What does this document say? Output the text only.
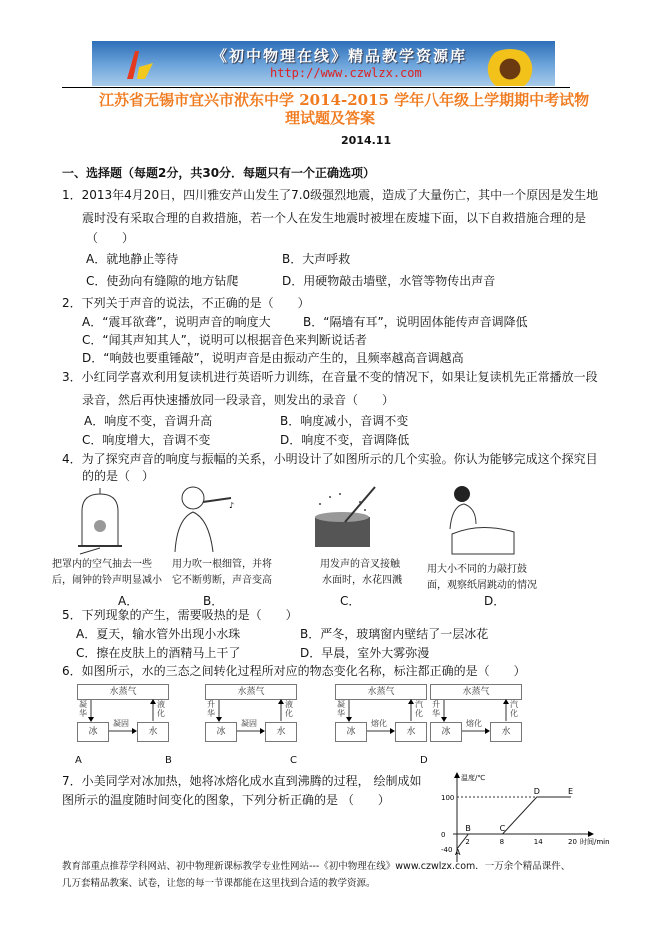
《初中物理在线》精品教学资源库
http://www.czwlzx.com
江苏省无锡市宜兴市洑东中学 2014-2015 学年八年级上学期期中考试物
理试题及答案
2014.11
一、选择题（每题2分，共30分．每题只有一个正确选项）
1．2013年4月20日，四川雅安芦山发生了7.0级强烈地震，造成了大量伤亡，其中一个原因是发生地
震时没有采取合理的自救措施，若一个人在发生地震时被埋在废墟下面，以下自救措施合理的是
（　　）
A．就地静止等待	B．大声呼救
C．使劲向有缝隙的地方钻爬	D．用硬物敲击墙壁，水管等物传出声音
2．下列关于声音的说法，不正确的是（　　）
A．“震耳欲聋”，说明声音的响度大	B．“隔墙有耳”，说明固体能传声音调降低
C．“闻其声知其人”，说明可以根据音色来判断说话者
D．“响鼓也要重锤敲”，说明声音是由振动产生的，且频率越高音调越高
3．小红同学喜欢利用复读机进行英语听力训练，在音量不变的情况下，如果让复读机先正常播放一段
录音，然后再快速播放同一段录音，则发出的录音（　　）
A．响度不变，音调升高	B．响度减小，音调不变
C．响度增大，音调不变	D．响度不变，音调降低
4．为了探究声音的响度与振幅的关系，小明设计了如图所示的几个实验。你认为能够完成这个探究目
的的是（　）
♪
把罩内的空气抽去一些
后，闹钟的铃声明显减小
用力吹一根细管，并将
它不断剪断，声音变高
用发声的音叉接触
水面时，水花四溅
用大小不同的力敲打鼓
面，观察纸屑跳动的情况
A．	B．	C．	D．
5．下列现象的产生，需要吸热的是（　　）
A．夏天，输水管外出现小水珠	B．严冬，玻璃窗内壁结了一层冰花
C．擦在皮肤上的酒精马上干了	D．早晨，室外大雾弥漫
6．如图所示，水的三态之间转化过程所对应的物态变化名称，标注都正确的是（　　）
水蒸气
冰	水
凝华
液化
凝固
A
水蒸气
冰	水
升华
液化
凝固
B
水蒸气
冰	水
凝华
汽化
熔化
C
水蒸气
冰	水
升华
汽化
熔化
D
7．小美同学对冰加热，她将冰熔化成水直到沸腾的过程， 绘制成如
图所示的温度随时间变化的图象，下列分析正确的是 （　　）
温度/℃
时间/min
2	8	14	20
-40
0
100
A
B	C
D	E
教育部重点推荐学科网站、初中物理新课标教学专业性网站---《初中物理在线》www.czwlzx.com．一万余个精品课件、
几万套精品教案、试卷，让您的每一节课都能在这里找到合适的教学资源。
